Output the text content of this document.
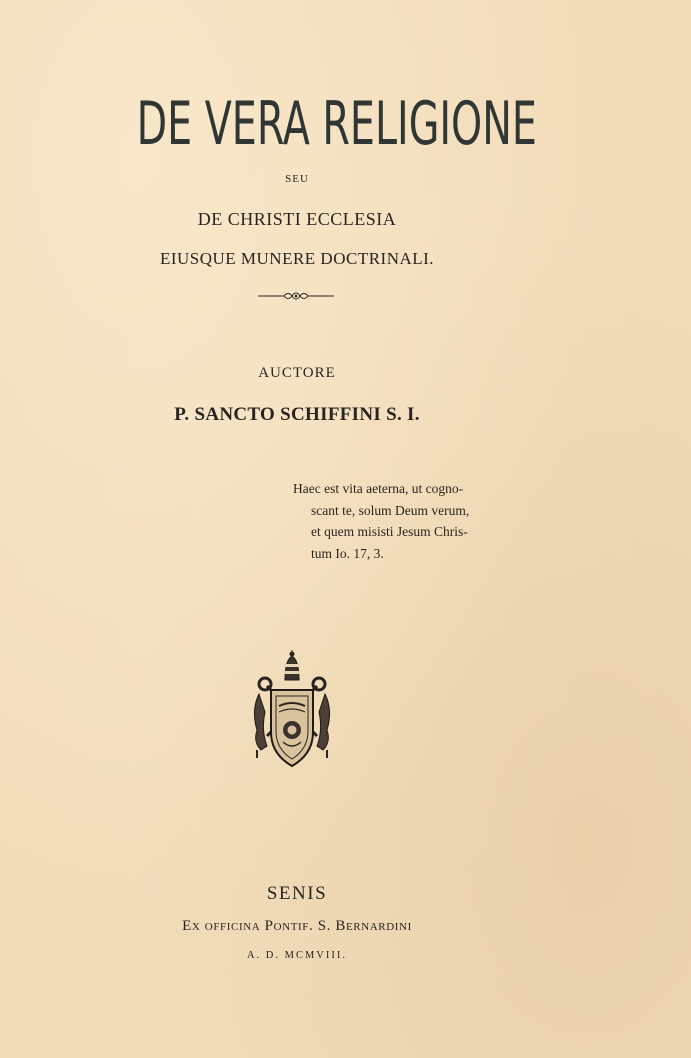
DE VERA RELIGIONE
SEU
DE CHRISTI ECCLESIA
EIUSQUE MUNERE DOCTRINALI.
AUCTORE
P. SANCTO SCHIFFINI S. I.
Haec est vita aeterna, ut cogno-
scant te, solum Deum verum,
et quem misisti Jesum Chris-
tum Io. 17, 3.
SENIS
Ex officina Pontif. S. Bernardini
A. D. MCMVIII.
